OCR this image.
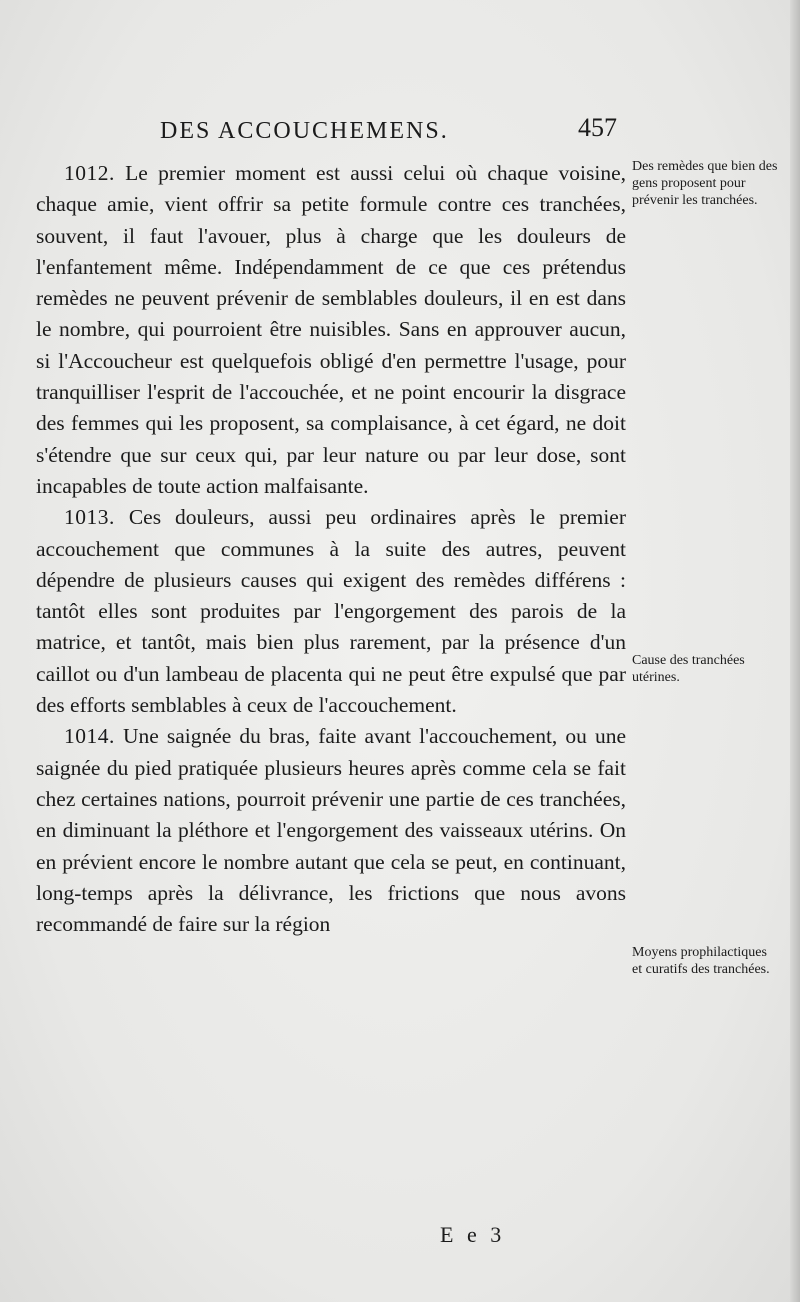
DES ACCOUCHEMENS.	457

1012. Le premier moment est aussi celui où chaque voisine, chaque amie, vient offrir sa petite formule contre ces tranchées, souvent, il faut l'avouer, plus à charge que les douleurs de l'enfantement même. Indépendamment de ce que ces prétendus remèdes ne peuvent prévenir de semblables douleurs, il en est dans le nombre, qui pourroient être nuisibles. Sans en approuver aucun, si l'Accoucheur est quelquefois obligé d'en permettre l'usage, pour tranquilliser l'esprit de l'accouchée, et ne point encourir la disgrace des femmes qui les proposent, sa complaisance, à cet égard, ne doit s'étendre que sur ceux qui, par leur nature ou par leur dose, sont incapables de toute action malfaisante.

1013. Ces douleurs, aussi peu ordinaires après le premier accouchement que communes à la suite des autres, peuvent dépendre de plusieurs causes qui exigent des remèdes différens : tantôt elles sont produites par l'engorgement des parois de la matrice, et tantôt, mais bien plus rarement, par la présence d'un caillot ou d'un lambeau de placenta qui ne peut être expulsé que par des efforts semblables à ceux de l'accouchement.

1014. Une saignée du bras, faite avant l'accouchement, ou une saignée du pied pratiquée plusieurs heures après comme cela se fait chez certaines nations, pourroit prévenir une partie de ces tranchées, en diminuant la pléthore et l'engorgement des vaisseaux utérins. On en prévient encore le nombre autant que cela se peut, en continuant, long-temps après la délivrance, les frictions que nous avons recommandé de faire sur la région

Des remèdes que bien des gens proposent pour prévenir les tranchées.
Cause des tranchées utérines.
Moyens prophilactiques et curatifs des tranchées.
E e 3
